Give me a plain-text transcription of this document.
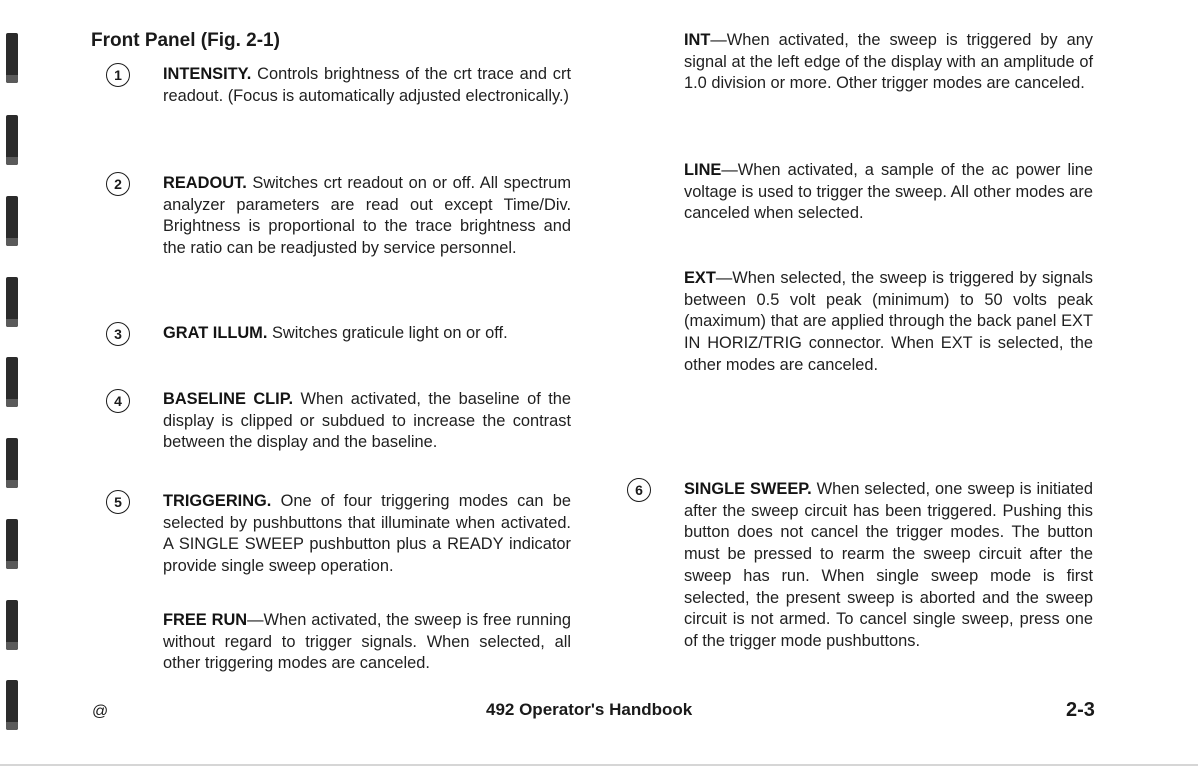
Front Panel (Fig. 2-1)
1	INTENSITY. Controls brightness of the crt trace and crt readout. (Focus is automatically adjusted electronically.)

2	READOUT. Switches crt readout on or off. All spectrum analyzer parameters are read out except Time/Div. Brightness is proportional to the trace brightness and the ratio can be readjusted by service personnel.

3	GRAT ILLUM. Switches graticule light on or off.

4	BASELINE CLIP. When activated, the baseline of the display is clipped or subdued to increase the contrast between the display and the baseline.

5	TRIGGERING. One of four triggering modes can be selected by pushbuttons that illuminate when activated. A SINGLE SWEEP pushbutton plus a READY indicator provide single sweep operation.

FREE RUN—When activated, the sweep is free running without regard to trigger signals. When selected, all other triggering modes are canceled.

INT—When activated, the sweep is triggered by any signal at the left edge of the display with an amplitude of 1.0 division or more. Other trigger modes are canceled.

LINE—When activated, a sample of the ac power line voltage is used to trigger the sweep. All other modes are canceled when selected.

EXT—When selected, the sweep is triggered by signals between 0.5 volt peak (minimum) to 50 volts peak (maximum) that are applied through the back panel EXT IN HORIZ/TRIG connector. When EXT is selected, the other modes are canceled.

6	SINGLE SWEEP. When selected, one sweep is initiated after the sweep circuit has been triggered. Pushing this button does not cancel the trigger modes. The button must be pressed to rearm the sweep circuit after the sweep has run. When single sweep mode is first selected, the present sweep is aborted and the sweep circuit is not armed. To cancel single sweep, press one of the trigger mode pushbuttons.

@	492 Operator's Handbook	2-3
